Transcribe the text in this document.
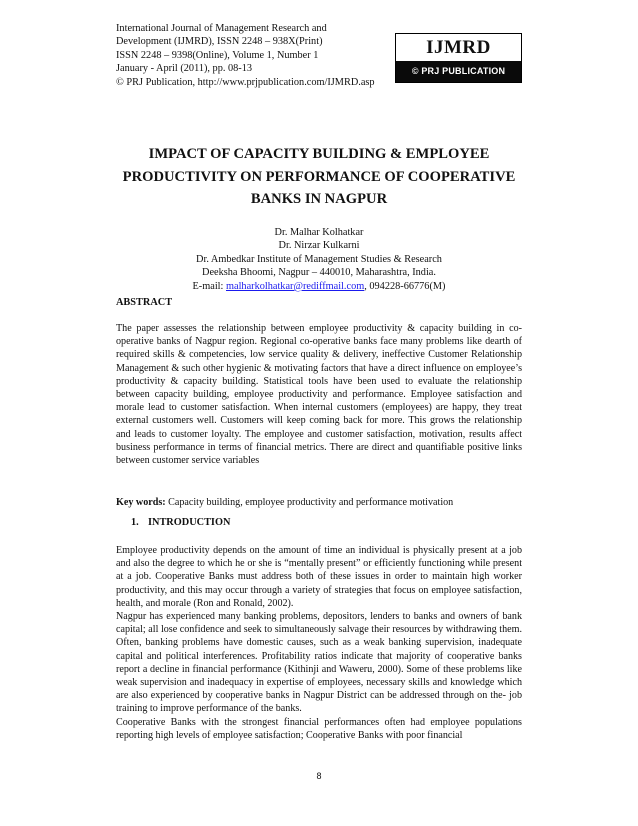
International Journal of Management Research and
Development (IJMRD), ISSN 2248 – 938X(Print)
ISSN 2248 – 9398(Online), Volume 1, Number 1
January - April (2011), pp. 08-13
© PRJ Publication, http://www.prjpublication.com/IJMRD.asp
IJMRD
© PRJ PUBLICATION
IMPACT OF CAPACITY BUILDING & EMPLOYEE
PRODUCTIVITY ON PERFORMANCE OF COOPERATIVE
BANKS IN NAGPUR
Dr. Malhar Kolhatkar
Dr. Nirzar Kulkarni
Dr. Ambedkar Institute of Management Studies & Research
Deeksha Bhoomi, Nagpur – 440010, Maharashtra, India.
E-mail: malharkolhatkar@rediffmail.com, 094228-66776(M)
ABSTRACT

The paper assesses the relationship between employee productivity & capacity building in co-operative banks of Nagpur region. Regional co-operative banks face many problems like dearth of required skills & competencies, low service quality & delivery, ineffective Customer Relationship Management & such other hygienic & motivating factors that have a direct influence on employee’s productivity & capacity building. Statistical tools have been used to evaluate the relationship between capacity building, employee productivity and performance. Employee satisfaction and morale lead to customer satisfaction. When internal customers (employees) are happy, they treat external customers well. Customers will keep coming back for more. This grows the relationship and leads to customer loyalty. The employee and customer satisfaction, motivation, results affect business performance in terms of financial metrics. There are direct and quantifiable positive links between customer service variables

Key words: Capacity building, employee productivity and performance motivation
1. INTRODUCTION

Employee productivity depends on the amount of time an individual is physically present at a job and also the degree to which he or she is “mentally present” or efficiently functioning while present at a job. Cooperative Banks must address both of these issues in order to maintain high worker productivity, and this may occur through a variety of strategies that focus on employee satisfaction, health, and morale (Ron and Ronald, 2002).

Nagpur has experienced many banking problems, depositors, lenders to banks and owners of bank capital; all lose confidence and seek to simultaneously salvage their resources by withdrawing them. Often, banking problems have domestic causes, such as a weak banking supervision, inadequate capital and political interferences. Profitability ratios indicate that majority of cooperative banks report a decline in financial performance (Kithinji and Waweru, 2000). Some of these problems like weak supervision and inadequacy in expertise of employees, necessary skills and knowledge which are also experienced by cooperative banks in Nagpur District can be addressed through on the- job training to improve performance of the banks.

Cooperative Banks with the strongest financial performances often had employee populations reporting high levels of employee satisfaction; Cooperative Banks with poor financial

8
